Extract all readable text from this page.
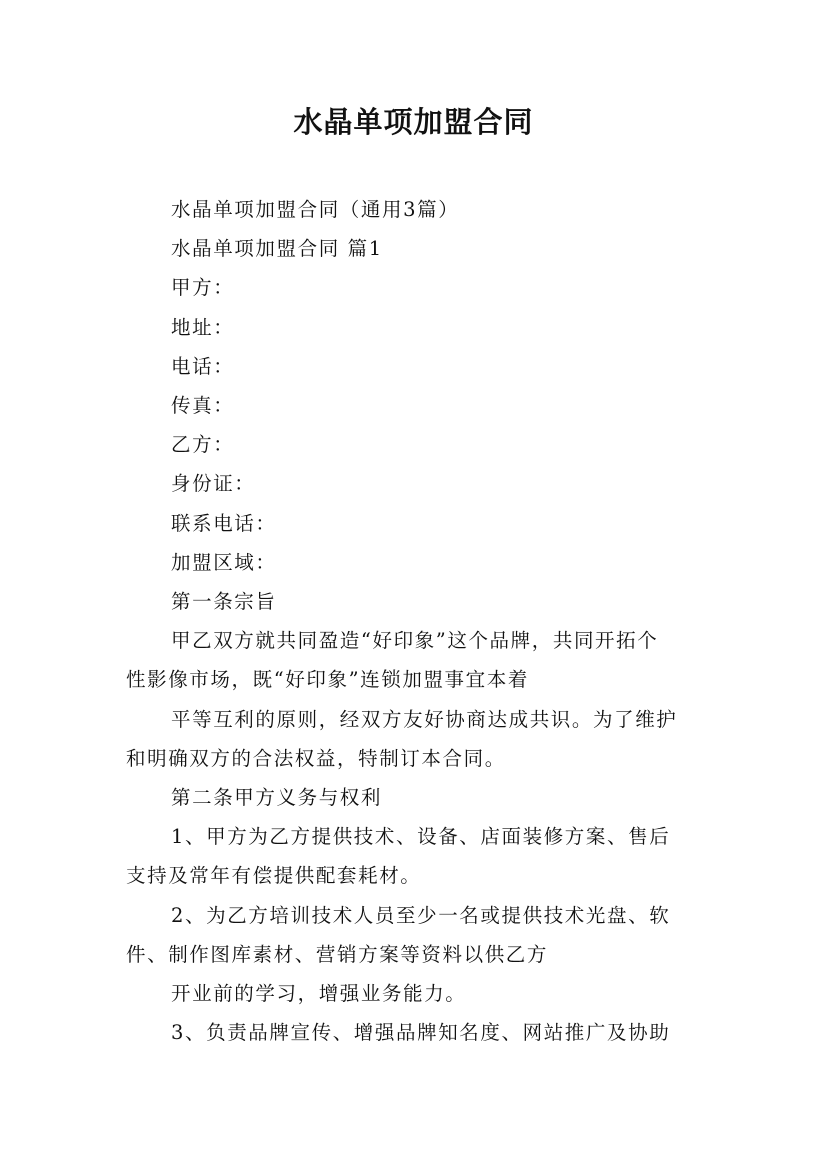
水晶单项加盟合同

水晶单项加盟合同（通用3篇）

水晶单项加盟合同 篇1

甲方：

地址：

电话：

传真：

乙方：

身份证：

联系电话：

加盟区域：

第一条宗旨

甲乙双方就共同盈造“好印象”这个品牌，共同开拓个
性影像市场，既“好印象”连锁加盟事宜本着

平等互利的原则，经双方友好协商达成共识。为了维护
和明确双方的合法权益，特制订本合同。

第二条甲方义务与权利

1、甲方为乙方提供技术、设备、店面装修方案、售后
支持及常年有偿提供配套耗材。

2、为乙方培训技术人员至少一名或提供技术光盘、软
件、制作图库素材、营销方案等资料以供乙方

开业前的学习，增强业务能力。

3、负责品牌宣传、增强品牌知名度、网站推广及协助
